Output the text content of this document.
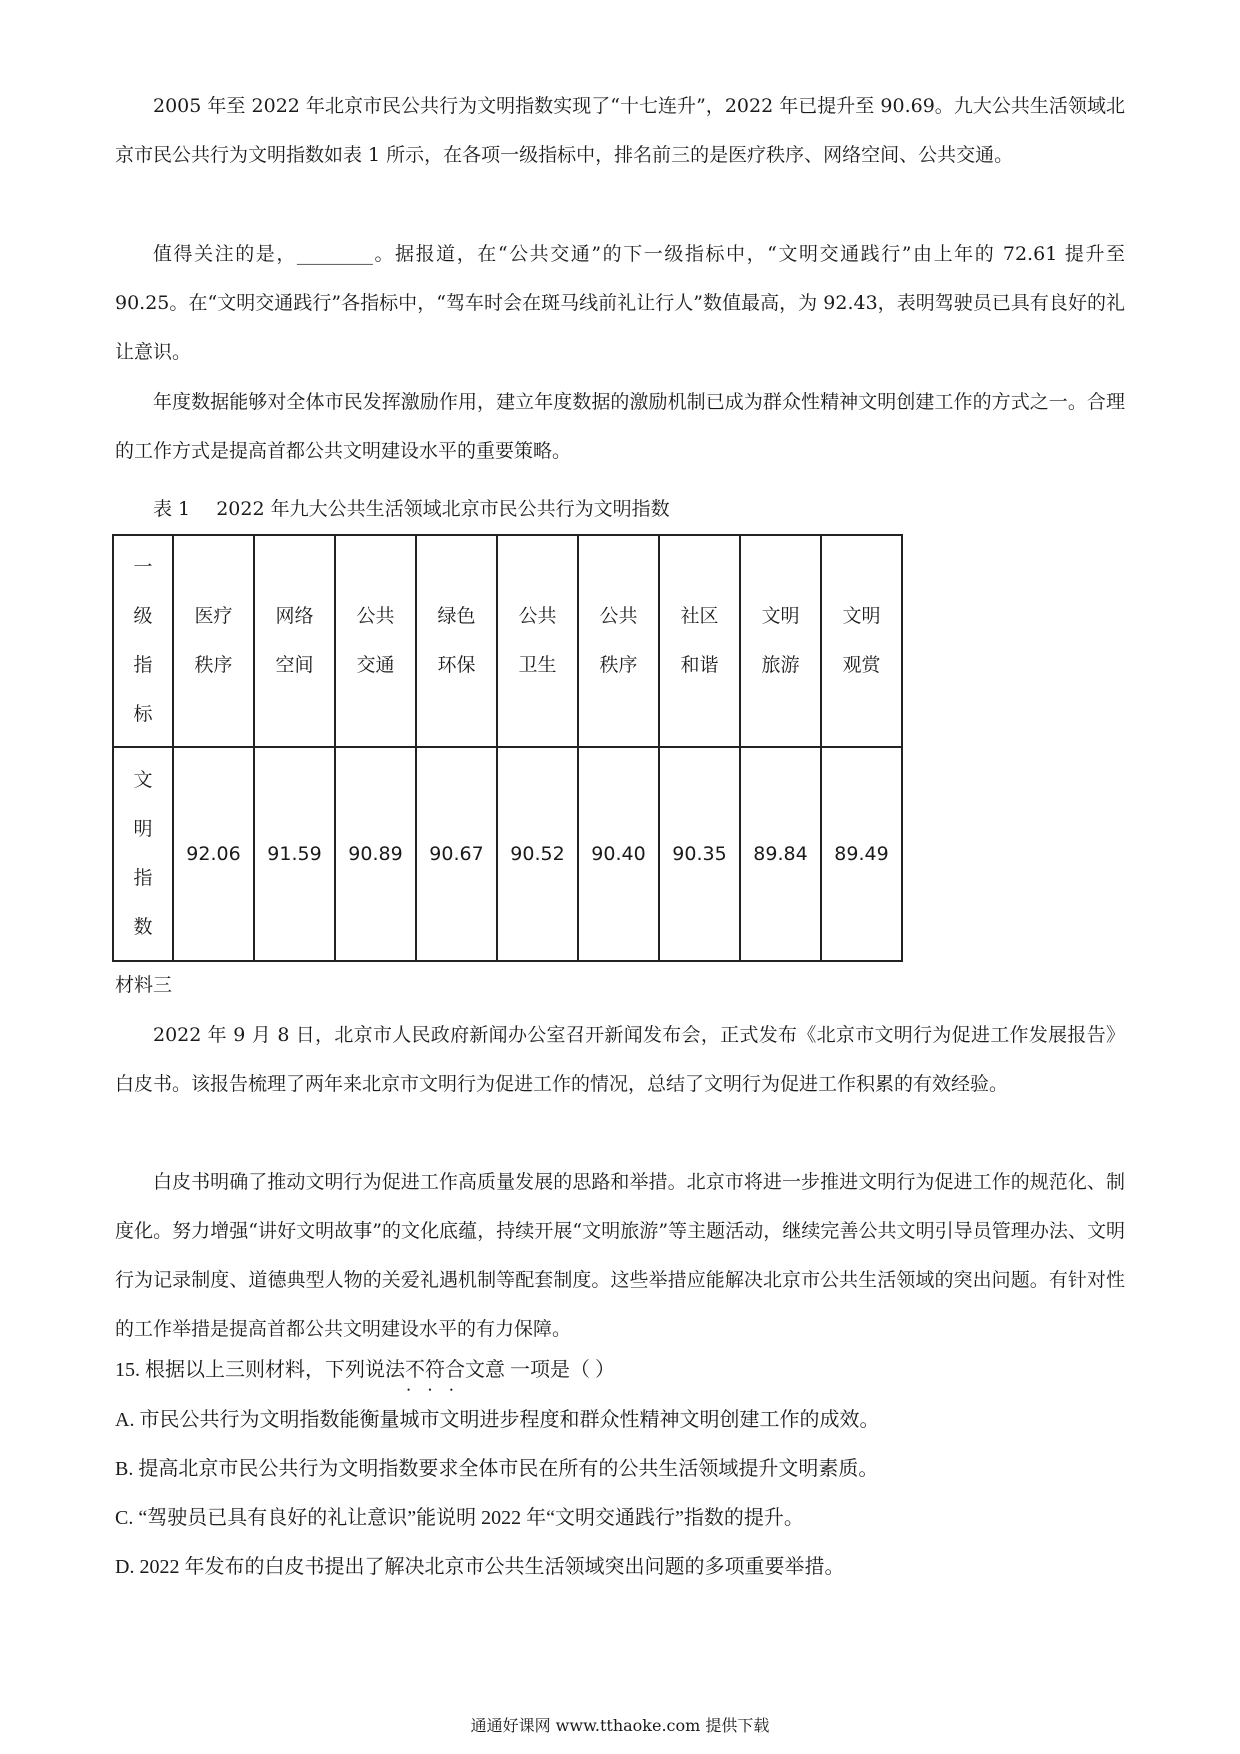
2005 年至 2022 年北京市民公共行为文明指数实现了“十七连升”，2022 年已提升至 90.69。九大公共生活领域北京市民公共行为文明指数如表 1 所示，在各项一级指标中，排名前三的是医疗秩序、网络空间、公共交通。

值得关注的是，________。据报道，在“公共交通”的下一级指标中，“文明交通践行”由上年的 72.61 提升至 90.25。在“文明交通践行”各指标中，“驾车时会在斑马线前礼让行人”数值最高，为 92.43，表明驾驶员已具有良好的礼让意识。

年度数据能够对全体市民发挥激励作用，建立年度数据的激励机制已成为群众性精神文明创建工作的方式之一。合理的工作方式是提高首都公共文明建设水平的重要策略。

表 1 2022 年九大公共生活领域北京市民公共行为文明指数
一级指标	医疗秩序	网络空间	公共交通	绿色环保	公共卫生	公共秩序	社区和谐	文明旅游	文明观赏
文明指数	92.06	91.59	90.89	90.67	90.52	90.40	90.35	89.84	89.49
材料三

2022 年 9 月 8 日，北京市人民政府新闻办公室召开新闻发布会，正式发布《北京市文明行为促进工作发展报告》白皮书。该报告梳理了两年来北京市文明行为促进工作的情况，总结了文明行为促进工作积累的有效经验。

白皮书明确了推动文明行为促进工作高质量发展的思路和举措。北京市将进一步推进文明行为促进工作的规范化、制度化。努力增强“讲好文明故事”的文化底蕴，持续开展“文明旅游”等主题活动，继续完善公共文明引导员管理办法、文明行为记录制度、道德典型人物的关爱礼遇机制等配套制度。这些举措应能解决北京市公共生活领域的突出问题。有针对性的工作举措是提高首都公共文明建设水平的有力保障。

15. 根据以上三则材料，下列说法不符合 • • •文意 一项是（ ）

A. 市民公共行为文明指数能衡量城市文明进步程度和群众性精神文明创建工作的成效。

B. 提高北京市民公共行为文明指数要求全体市民在所有的公共生活领域提升文明素质。

C. “驾驶员已具有良好的礼让意识”能说明 2022 年“文明交通践行”指数的提升。

D. 2022 年发布的白皮书提出了解决北京市公共生活领域突出问题的多项重要举措。

通通好课网 www.tthaoke.com 提供下载
